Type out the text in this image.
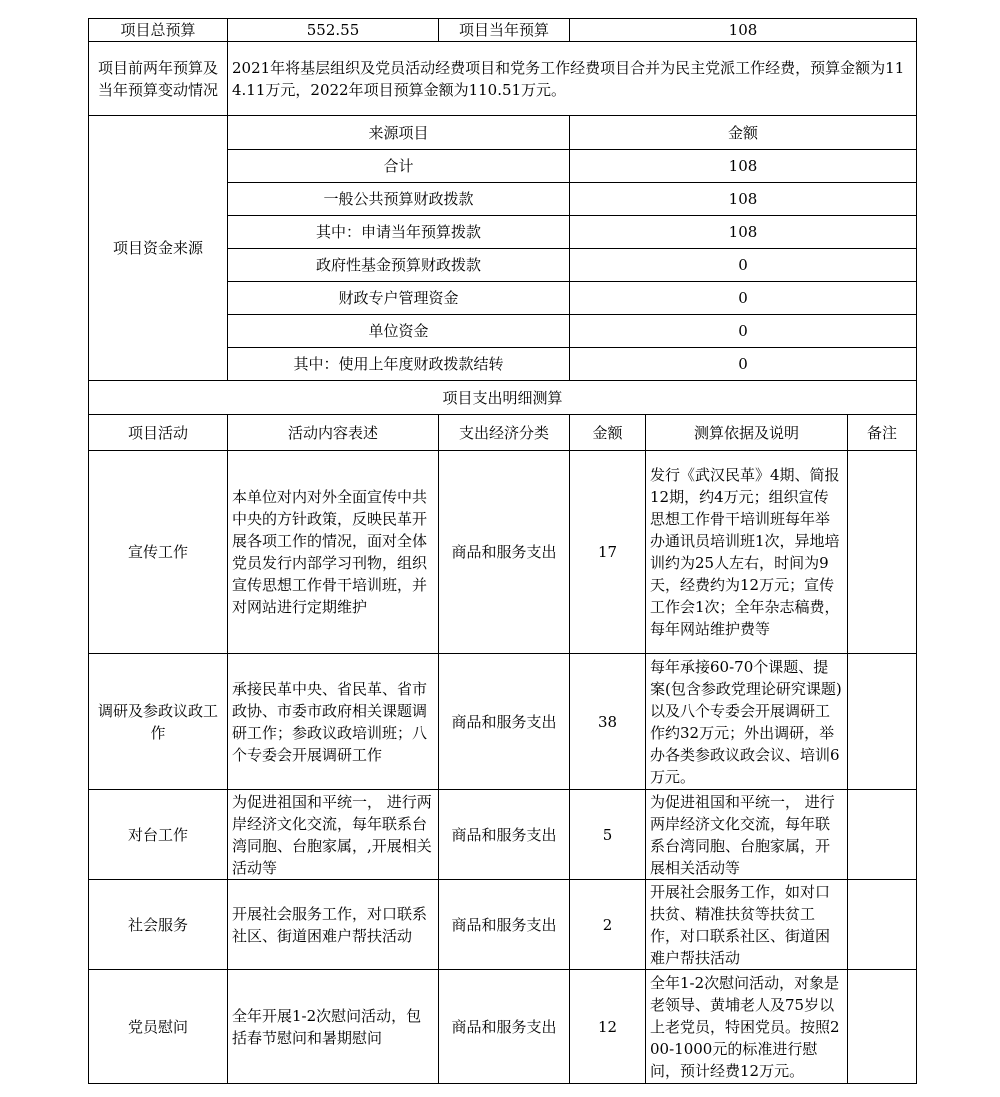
项目总预算	552.55	项目当年预算	108		
项目前两年预算及当年预算变动情况	2021年将基层组织及党员活动经费项目和党务工作经费项目合并为民主党派工作经费，预算金额为114.11万元，2022年项目预算金额为110.51万元。				
项目资金来源	来源项目		金额		
	合计		108		
	一般公共预算财政拨款		108		
	其中：申请当年预算拨款		108		
	政府性基金预算财政拨款		0		
	财政专户管理资金		0		
	单位资金		0		
	其中：使用上年度财政拨款结转		0		
项目支出明细测算					
项目活动	活动内容表述	支出经济分类	金额	测算依据及说明	备注
宣传工作	本单位对内对外全面宣传中共中央的方针政策，反映民革开展各项工作的情况，面对全体党员发行内部学习刊物，组织宣传思想工作骨干培训班，并对网站进行定期维护	商品和服务支出	17	发行《武汉民革》4期、简报12期，约4万元；组织宣传思想工作骨干培训班每年举办通讯员培训班1次，异地培训约为25人左右，时间为9天，经费约为12万元；宣传工作会1次；全年杂志稿费，每年网站维护费等	
调研及参政议政工作	承接民革中央、省民革、省市政协、市委市政府相关课题调研工作；参政议政培训班；八个专委会开展调研工作	商品和服务支出	38	每年承接60-70个课题、提案(包含参政党理论研究课题)以及八个专委会开展调研工作约32万元；外出调研，举办各类参政议政会议、培训6万元。	
对台工作	为促进祖国和平统一， 进行两岸经济文化交流，每年联系台湾同胞、台胞家属，,开展相关活动等	商品和服务支出	5	为促进祖国和平统一， 进行两岸经济文化交流，每年联系台湾同胞、台胞家属，开展相关活动等	
社会服务	开展社会服务工作，对口联系社区、街道困难户帮扶活动	商品和服务支出	2	开展社会服务工作，如对口扶贫、精准扶贫等扶贫工作，对口联系社区、街道困难户帮扶活动	
党员慰问	全年开展1-2次慰问活动，包括春节慰问和暑期慰问	商品和服务支出	12	全年1-2次慰问活动，对象是老领导、黄埔老人及75岁以上老党员，特困党员。按照200-1000元的标准进行慰问，预计经费12万元。	
